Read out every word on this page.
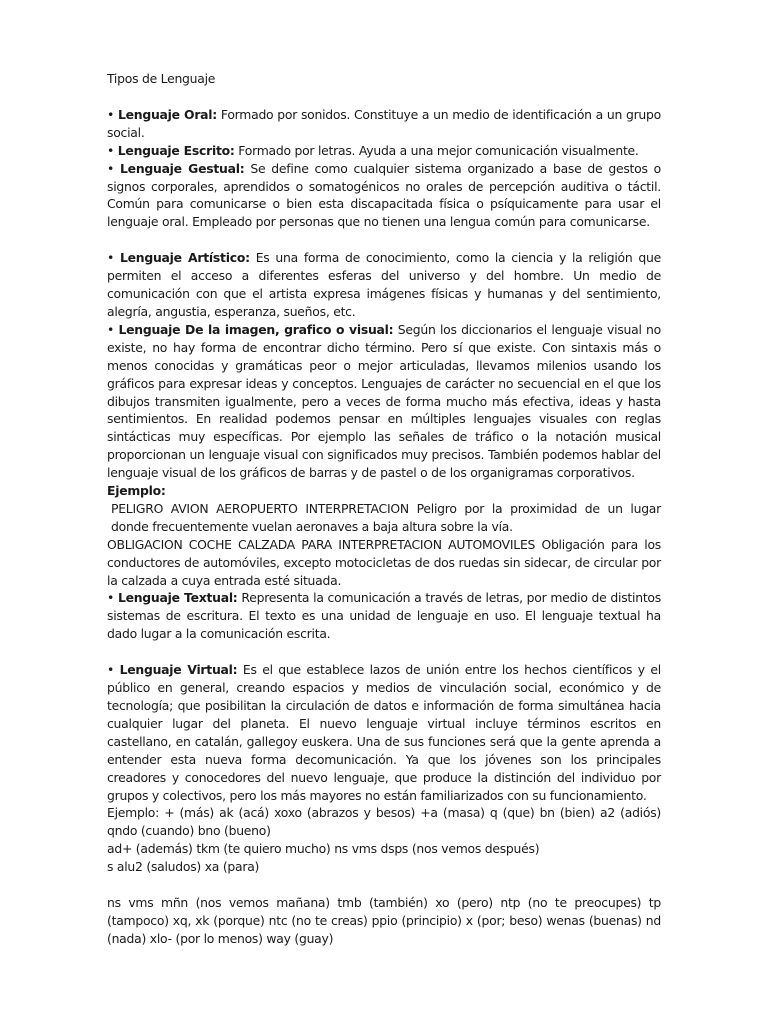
Tipos de Lenguaje

• Lenguaje Oral: Formado por sonidos. Constituye a un medio de identificación a un grupo social.

• Lenguaje Escrito: Formado por letras. Ayuda a una mejor comunicación visualmente.

• Lenguaje Gestual: Se define como cualquier sistema organizado a base de gestos o signos corporales, aprendidos o somatogénicos no orales de percepción auditiva o táctil. Común para comunicarse o bien esta discapacitada física o psíquicamente para usar el lenguaje oral. Empleado por personas que no tienen una lengua común para comunicarse.

• Lenguaje Artístico: Es una forma de conocimiento, como la ciencia y la religión que permiten el acceso a diferentes esferas del universo y del hombre. Un medio de comunicación con que el artista expresa imágenes físicas y humanas y del sentimiento, alegría, angustia, esperanza, sueños, etc.

• Lenguaje De la imagen, grafico o visual: Según los diccionarios el lenguaje visual no existe, no hay forma de encontrar dicho término. Pero sí que existe. Con sintaxis más o menos conocidas y gramáticas peor o mejor articuladas, llevamos milenios usando los gráficos para expresar ideas y conceptos. Lenguajes de carácter no secuencial en el que los dibujos transmiten igualmente, pero a veces de forma mucho más efectiva, ideas y hasta sentimientos. En realidad podemos pensar en múltiples lenguajes visuales con reglas sintácticas muy específicas. Por ejemplo las señales de tráfico o la notación musical proporcionan un lenguaje visual con significados muy precisos. También podemos hablar del lenguaje visual de los gráficos de barras y de pastel o de los organigramas corporativos.

Ejemplo:

PELIGRO AVION AEROPUERTO INTERPRETACION Peligro por la proximidad de un lugar donde frecuentemente vuelan aeronaves a baja altura sobre la vía.

OBLIGACION COCHE CALZADA PARA INTERPRETACION AUTOMOVILES Obligación para los conductores de automóviles, excepto motocicletas de dos ruedas sin sidecar, de circular por la calzada a cuya entrada esté situada.

• Lenguaje Textual: Representa la comunicación a través de letras, por medio de distintos sistemas de escritura. El texto es una unidad de lenguaje en uso. El lenguaje textual ha dado lugar a la comunicación escrita.

• Lenguaje Virtual: Es el que establece lazos de unión entre los hechos científicos y el público en general, creando espacios y medios de vinculación social, económico y de tecnología; que posibilitan la circulación de datos e información de forma simultánea hacia cualquier lugar del planeta. El nuevo lenguaje virtual incluye términos escritos en castellano, en catalán, gallegoy euskera. Una de sus funciones será que la gente aprenda a entender esta nueva forma decomunicación. Ya que los jóvenes son los principales creadores y conocedores del nuevo lenguaje, que produce la distinción del individuo por grupos y colectivos, pero los más mayores no están familiarizados con su funcionamiento.

Ejemplo: + (más) ak (acá) xoxo (abrazos y besos) +a (masa) q (que) bn (bien) a2 (adiós) qndo (cuando) bno (bueno)

ad+ (además) tkm (te quiero mucho) ns vms dsps (nos vemos después)

s alu2 (saludos) xa (para)

ns vms mñn (nos vemos mañana) tmb (también) xo (pero) ntp (no te preocupes) tp (tampoco) xq, xk (porque) ntc (no te creas) ppio (principio) x (por; beso) wenas (buenas) nd (nada) xlo- (por lo menos) way (guay)
